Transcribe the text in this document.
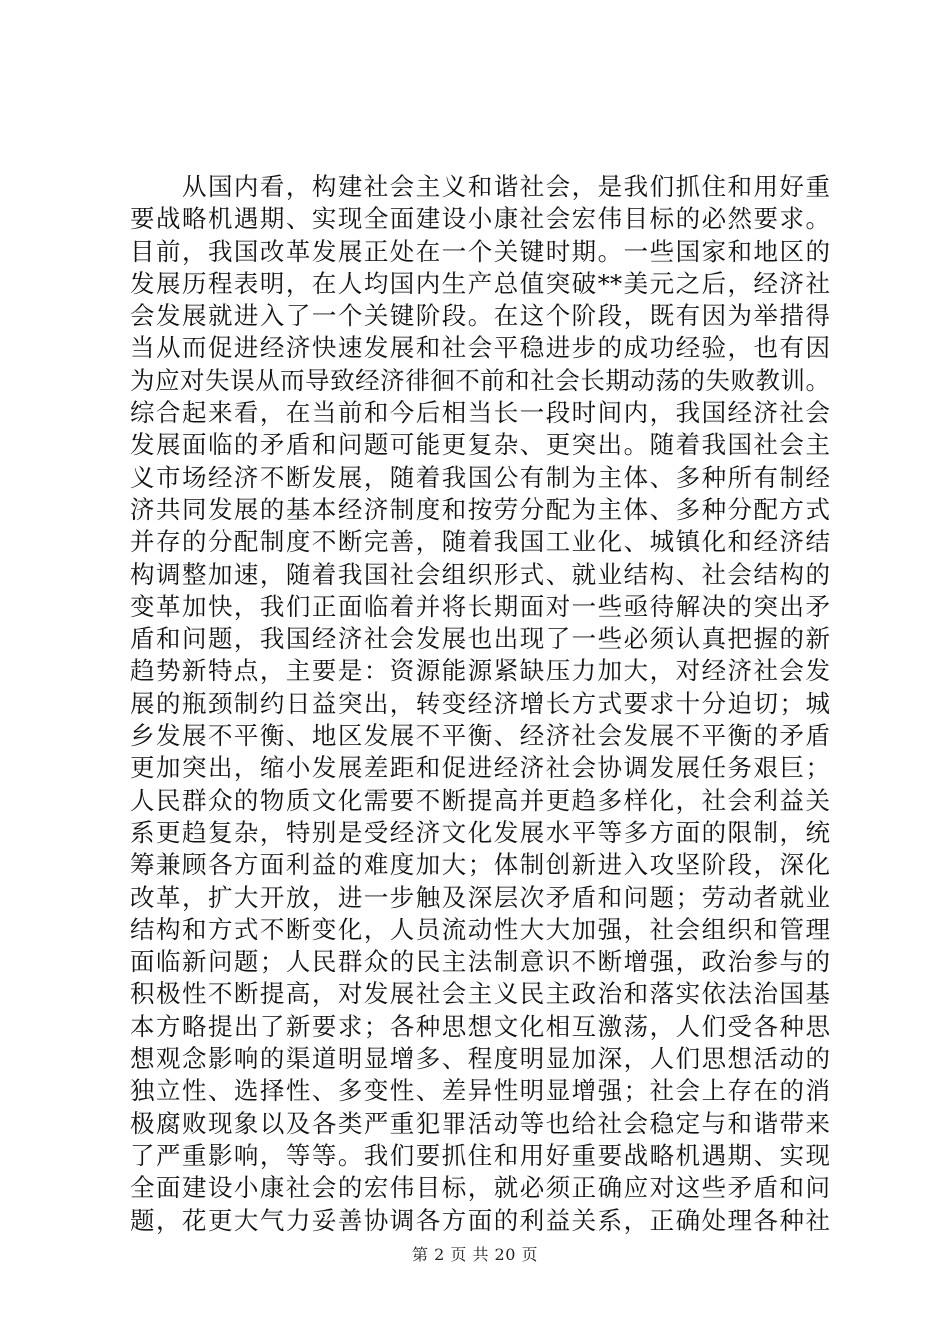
　　从国内看，构建社会主义和谐社会，是我们抓住和用好重
要战略机遇期、实现全面建设小康社会宏伟目标的必然要求。
目前，我国改革发展正处在一个关键时期。一些国家和地区的
发展历程表明，在人均国内生产总值突破**美元之后，经济社
会发展就进入了一个关键阶段。在这个阶段，既有因为举措得
当从而促进经济快速发展和社会平稳进步的成功经验，也有因
为应对失误从而导致经济徘徊不前和社会长期动荡的失败教训。
综合起来看，在当前和今后相当长一段时间内，我国经济社会
发展面临的矛盾和问题可能更复杂、更突出。随着我国社会主
义市场经济不断发展，随着我国公有制为主体、多种所有制经
济共同发展的基本经济制度和按劳分配为主体、多种分配方式
并存的分配制度不断完善，随着我国工业化、城镇化和经济结
构调整加速，随着我国社会组织形式、就业结构、社会结构的
变革加快，我们正面临着并将长期面对一些亟待解决的突出矛
盾和问题，我国经济社会发展也出现了一些必须认真把握的新
趋势新特点，主要是：资源能源紧缺压力加大，对经济社会发
展的瓶颈制约日益突出，转变经济增长方式要求十分迫切；城
乡发展不平衡、地区发展不平衡、经济社会发展不平衡的矛盾
更加突出，缩小发展差距和促进经济社会协调发展任务艰巨；
人民群众的物质文化需要不断提高并更趋多样化，社会利益关
系更趋复杂，特别是受经济文化发展水平等多方面的限制，统
筹兼顾各方面利益的难度加大；体制创新进入攻坚阶段，深化
改革，扩大开放，进一步触及深层次矛盾和问题；劳动者就业
结构和方式不断变化，人员流动性大大加强，社会组织和管理
面临新问题；人民群众的民主法制意识不断增强，政治参与的
积极性不断提高，对发展社会主义民主政治和落实依法治国基
本方略提出了新要求；各种思想文化相互激荡，人们受各种思
想观念影响的渠道明显增多、程度明显加深，人们思想活动的
独立性、选择性、多变性、差异性明显增强；社会上存在的消
极腐败现象以及各类严重犯罪活动等也给社会稳定与和谐带来
了严重影响，等等。我们要抓住和用好重要战略机遇期、实现
全面建设小康社会的宏伟目标，就必须正确应对这些矛盾和问
题，花更大气力妥善协调各方面的利益关系，正确处理各种社
第 2 页 共 20 页
